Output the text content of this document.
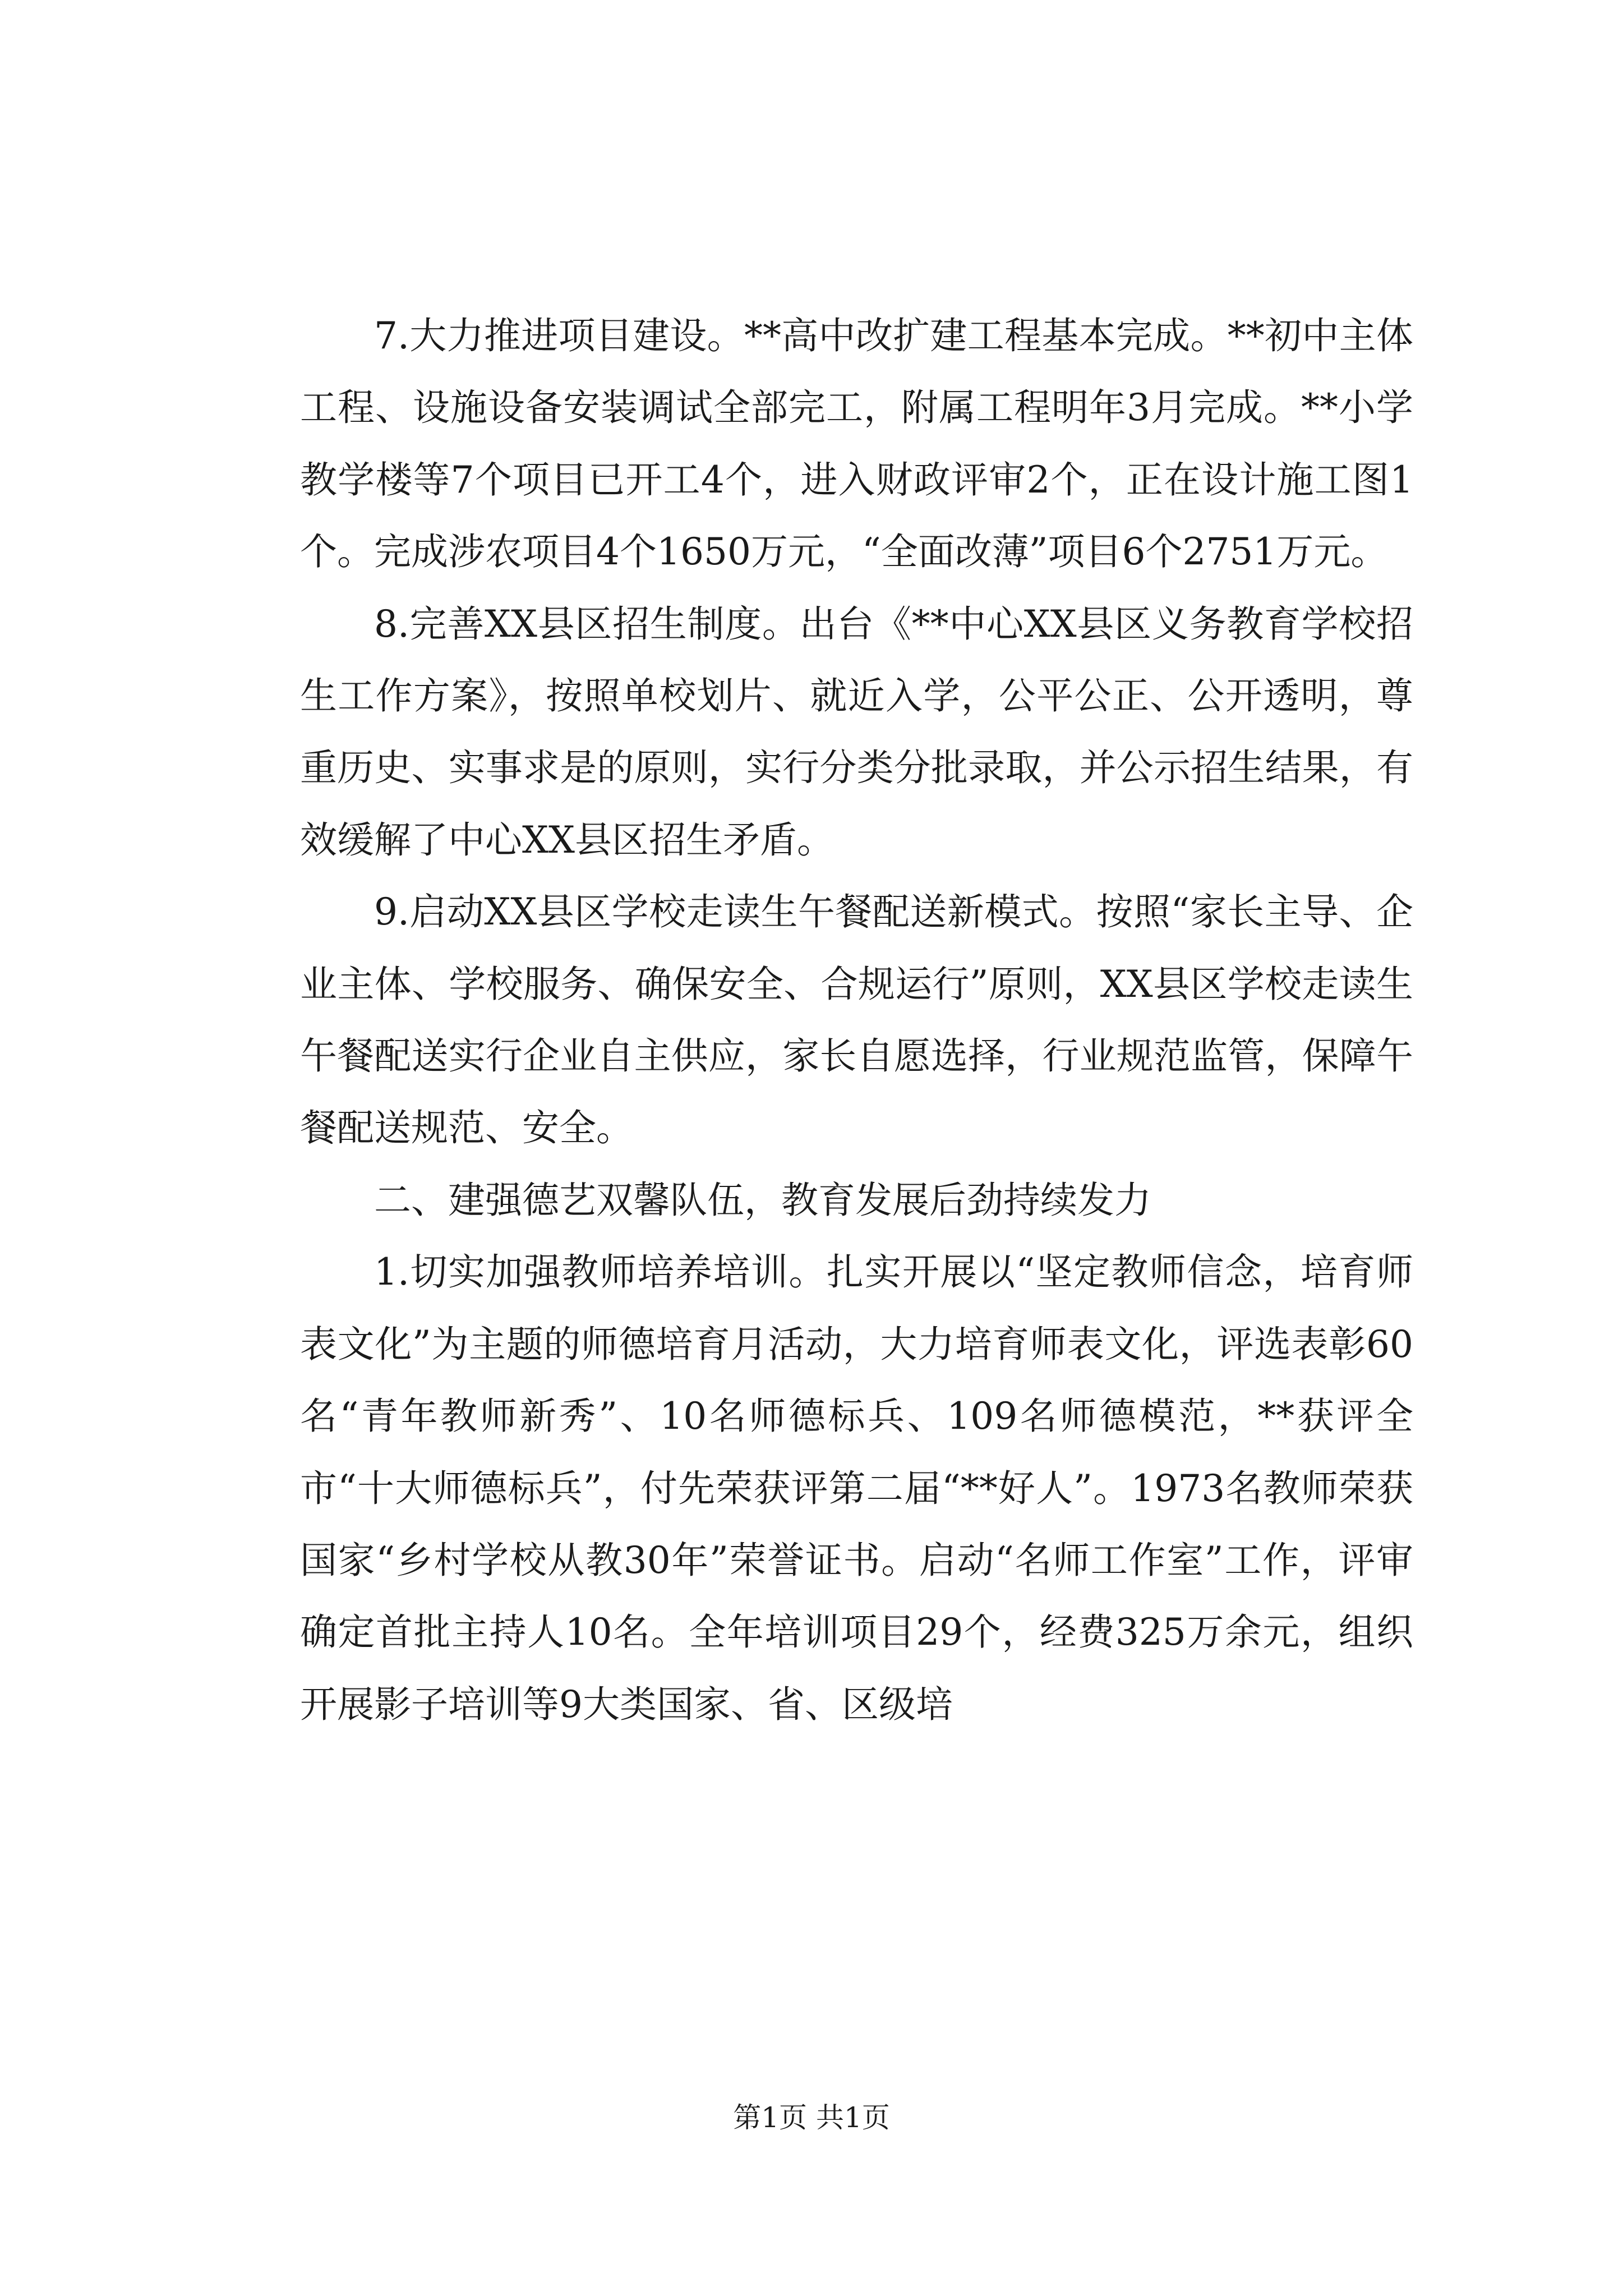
7.大力推进项目建设。**高中改扩建工程基本完成。**初中主体工程、设施设备安装调试全部完工，附属工程明年3月完成。**小学教学楼等7个项目已开工4个，进入财政评审2个，正在设计施工图1个。完成涉农项目4个1650万元，“全面改薄”项目6个2751万元。

8.完善XX县区招生制度。出台《**中心XX县区义务教育学校招生工作方案》，按照单校划片、就近入学，公平公正、公开透明，尊重历史、实事求是的原则，实行分类分批录取，并公示招生结果，有效缓解了中心XX县区招生矛盾。

9.启动XX县区学校走读生午餐配送新模式。按照“家长主导、企业主体、学校服务、确保安全、合规运行”原则，XX县区学校走读生午餐配送实行企业自主供应，家长自愿选择，行业规范监管，保障午餐配送规范、安全。

二、建强德艺双馨队伍，教育发展后劲持续发力

1.切实加强教师培养培训。扎实开展以“坚定教师信念，培育师表文化”为主题的师德培育月活动，大力培育师表文化，评选表彰60名“青年教师新秀”、10名师德标兵、109名师德模范，**获评全市“十大师德标兵”，付先荣获评第二届“**好人”。1973名教师荣获国家“乡村学校从教30年”荣誉证书。启动“名师工作室”工作，评审确定首批主持人10名。全年培训项目29个，经费325万余元，组织开展影子培训等9大类国家、省、区级培

第1页 共1页
